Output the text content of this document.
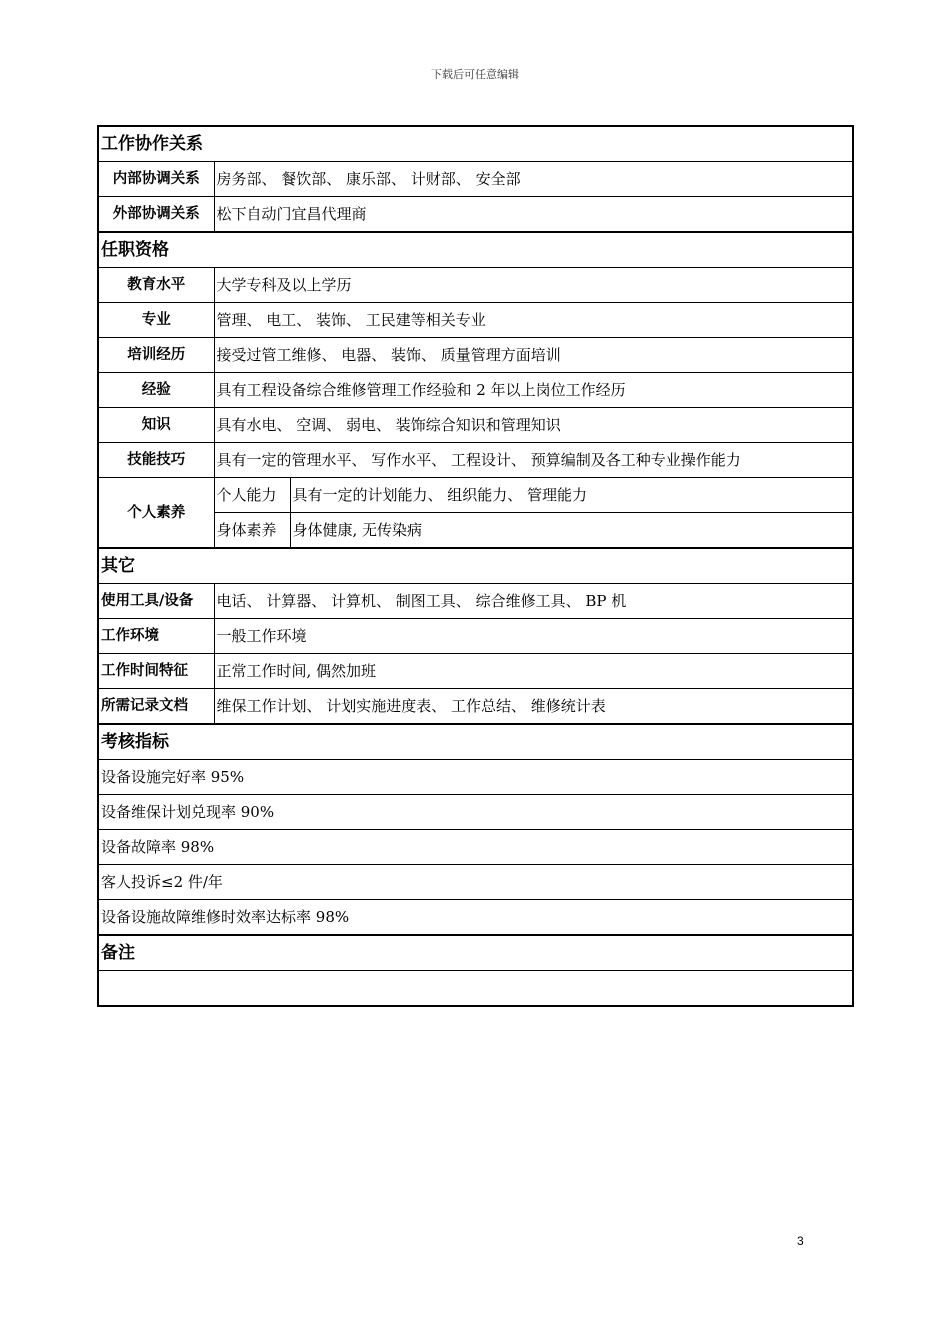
下载后可任意编辑
工作协作关系		
内部协调关系	房务部、 餐饮部、 康乐部、 计财部、 安全部	
外部协调关系	松下自动门宜昌代理商	
任职资格		
教育水平	大学专科及以上学历	
专业	管理、 电工、 装饰、 工民建等相关专业	
培训经历	接受过管工维修、 电器、 装饰、 质量管理方面培训	
经验	具有工程设备综合维修管理工作经验和 2 年以上岗位工作经历	
知识	具有水电、 空调、 弱电、 装饰综合知识和管理知识	
技能技巧	具有一定的管理水平、 写作水平、 工程设计、 预算编制及各工种专业操作能力	
个人素养	个人能力	具有一定的计划能力、 组织能力、 管理能力
	身体素养	身体健康, 无传染病
其它		
使用工具/设备	电话、 计算器、 计算机、 制图工具、 综合维修工具、 BP 机	
工作环境	一般工作环境	
工作时间特征	正常工作时间, 偶然加班	
所需记录文档	维保工作计划、 计划实施进度表、 工作总结、 维修统计表	
考核指标		
设备设施完好率 95%		
设备维保计划兑现率 90%		
设备故障率 98%		
客人投诉≤2 件/年		
设备设施故障维修时效率达标率 98%		
备注		

3
